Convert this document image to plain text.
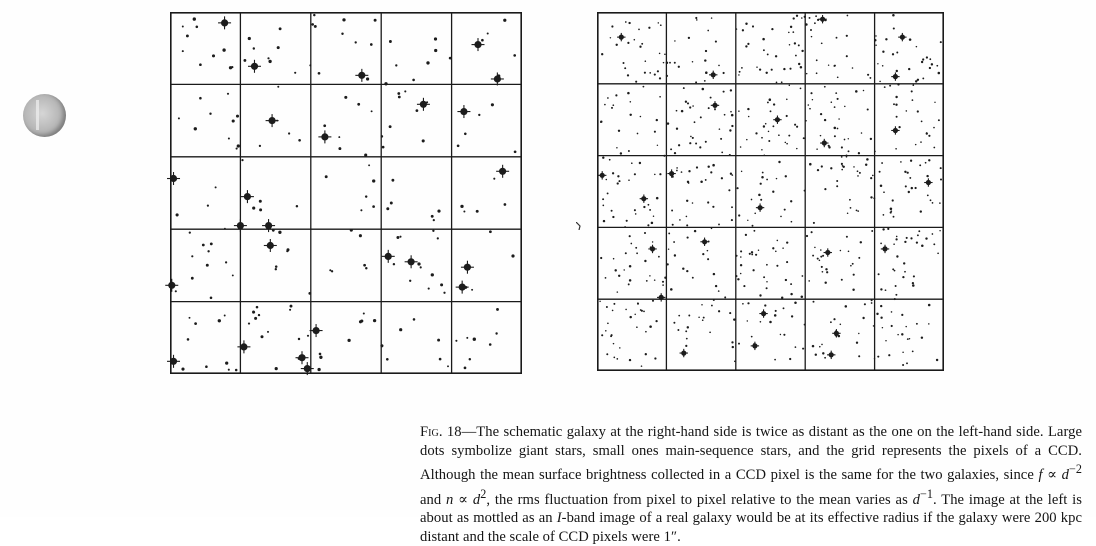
Fig. 18—The schematic galaxy at the right-hand side is twice as distant as the one on the left-hand side. Large dots symbolize giant stars, small ones main-sequence stars, and the grid represents the pixels of a CCD. Although the mean surface brightness collected in a CCD pixel is the same for the two galaxies, since $f \propto d^{-2}$ and $n \propto d^2$, the rms fluctuation from pixel to pixel relative to the mean varies as $d^{-1}$. The image at the left is about as mottled as an I-band image of a real galaxy would be at its effective radius if the galaxy were 200 kpc distant and the scale of CCD pixels were 1″.
